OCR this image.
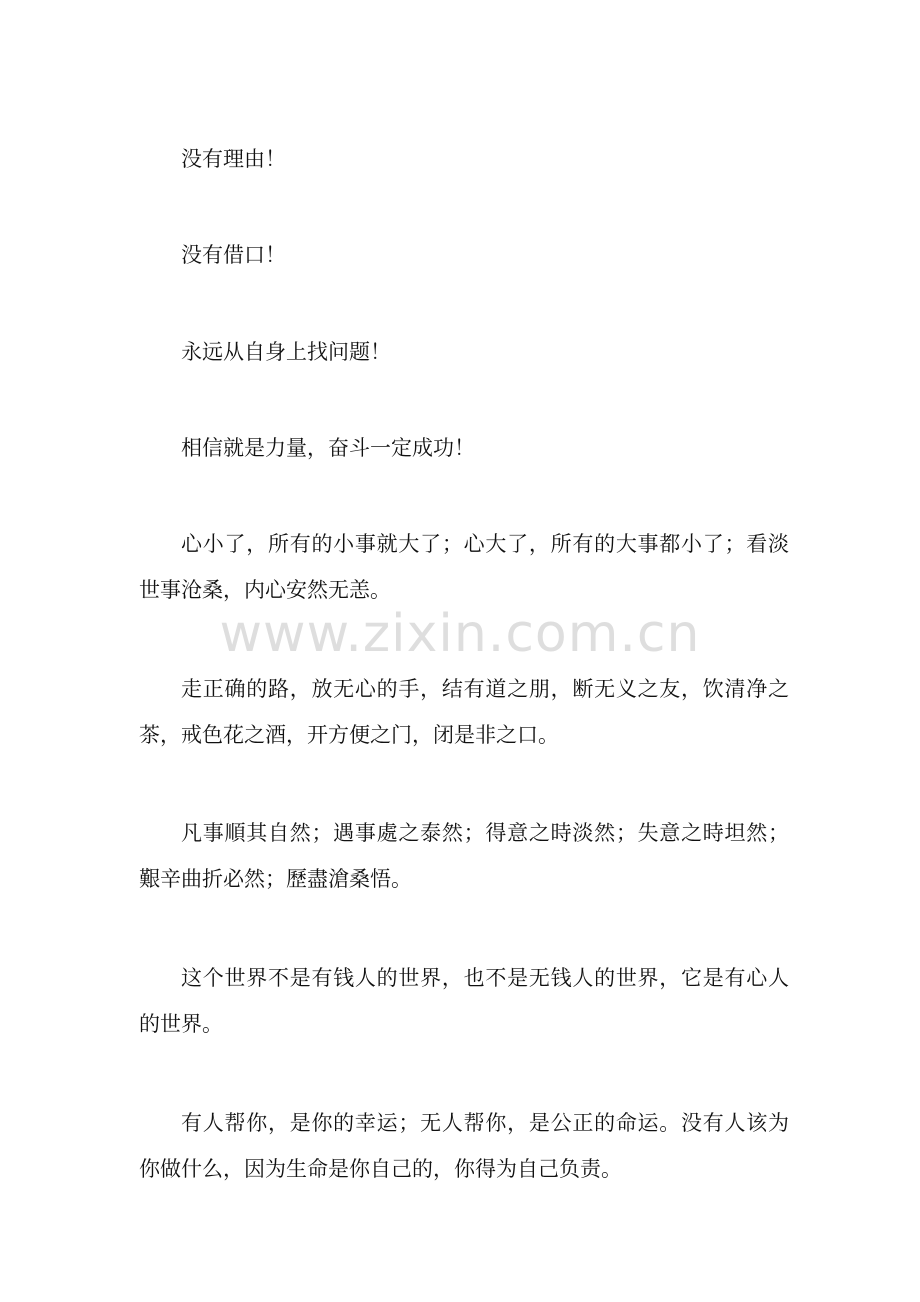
没有理由！

没有借口！

永远从自身上找问题！

相信就是力量，奋斗一定成功！

心小了，所有的小事就大了；心大了，所有的大事都小了；看淡世事沧桑，内心安然无恙。

走正确的路，放无心的手，结有道之朋，断无义之友，饮清净之茶，戒色花之酒，开方便之门，闭是非之口。

凡事順其自然；遇事處之泰然；得意之時淡然；失意之時坦然；艱辛曲折必然；歷盡滄桑悟。

这个世界不是有钱人的世界，也不是无钱人的世界，它是有心人的世界。

有人帮你，是你的幸运；无人帮你，是公正的命运。没有人该为你做什么，因为生命是你自己的，你得为自己负责。

www.zixin.com.cn
